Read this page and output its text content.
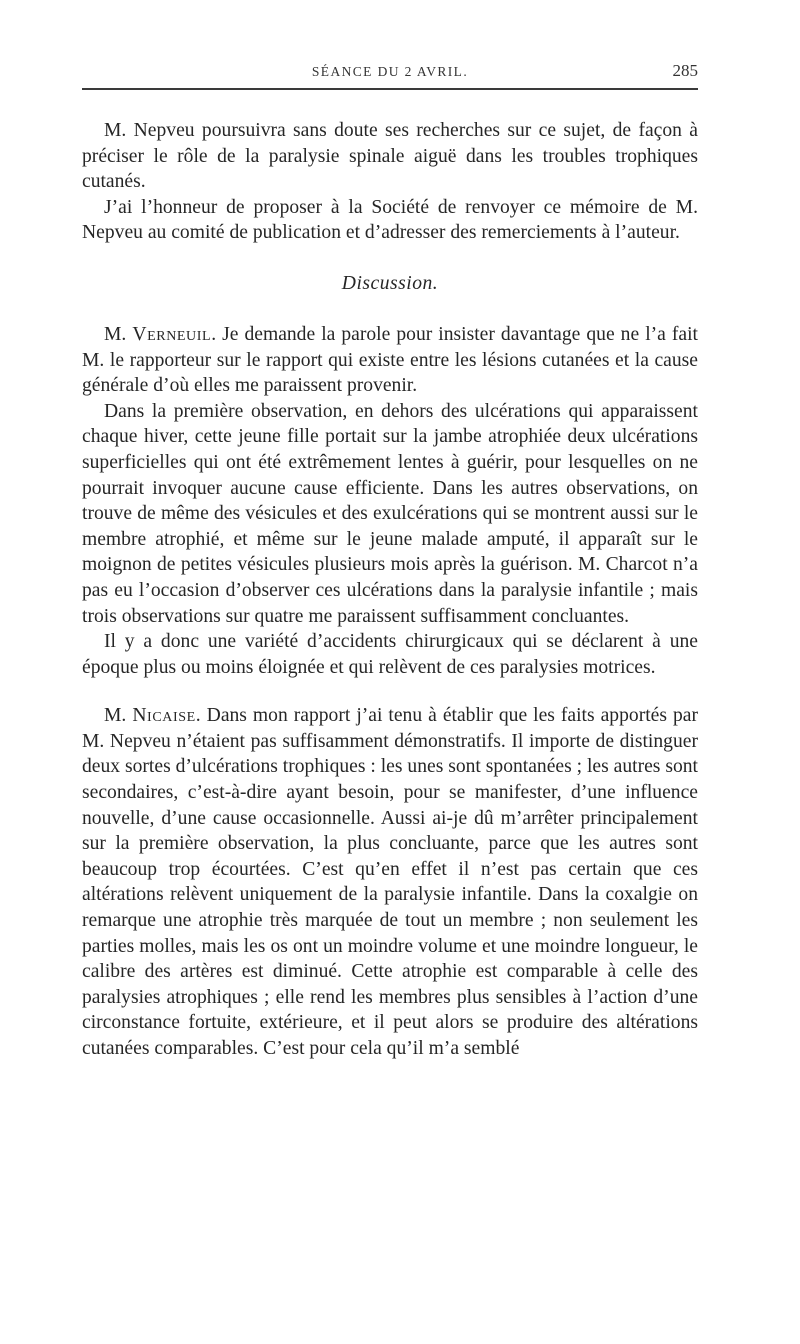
SÉANCE DU 2 AVRIL.	285

M. Nepveu poursuivra sans doute ses recherches sur ce sujet, de façon à préciser le rôle de la paralysie spinale aiguë dans les troubles trophiques cutanés.

J’ai l’honneur de proposer à la Société de renvoyer ce mémoire de M. Nepveu au comité de publication et d’adresser des remerciements à l’auteur.

Discussion.

M. Verneuil. Je demande la parole pour insister davantage que ne l’a fait M. le rapporteur sur le rapport qui existe entre les lésions cutanées et la cause générale d’où elles me paraissent provenir.

Dans la première observation, en dehors des ulcérations qui apparaissent chaque hiver, cette jeune fille portait sur la jambe atrophiée deux ulcérations superficielles qui ont été extrêmement lentes à guérir, pour lesquelles on ne pourrait invoquer aucune cause efficiente. Dans les autres observations, on trouve de même des vésicules et des exulcérations qui se montrent aussi sur le membre atrophié, et même sur le jeune malade amputé, il apparaît sur le moignon de petites vésicules plusieurs mois après la guérison. M. Charcot n’a pas eu l’occasion d’observer ces ulcérations dans la paralysie infantile ; mais trois observations sur quatre me paraissent suffisamment concluantes.

Il y a donc une variété d’accidents chirurgicaux qui se déclarent à une époque plus ou moins éloignée et qui relèvent de ces paralysies motrices.

M. Nicaise. Dans mon rapport j’ai tenu à établir que les faits apportés par M. Nepveu n’étaient pas suffisamment démonstratifs. Il importe de distinguer deux sortes d’ulcérations trophiques : les unes sont spontanées ; les autres sont secondaires, c’est-à-dire ayant besoin, pour se manifester, d’une influence nouvelle, d’une cause occasionnelle. Aussi ai-je dû m’arrêter principalement sur la première observation, la plus concluante, parce que les autres sont beaucoup trop écourtées. C’est qu’en effet il n’est pas certain que ces altérations relèvent uniquement de la paralysie infantile. Dans la coxalgie on remarque une atrophie très marquée de tout un membre ; non seulement les parties molles, mais les os ont un moindre volume et une moindre longueur, le calibre des artères est diminué. Cette atrophie est comparable à celle des paralysies atrophiques ; elle rend les membres plus sensibles à l’action d’une circonstance fortuite, extérieure, et il peut alors se produire des altérations cutanées comparables. C’est pour cela qu’il m’a semblé
